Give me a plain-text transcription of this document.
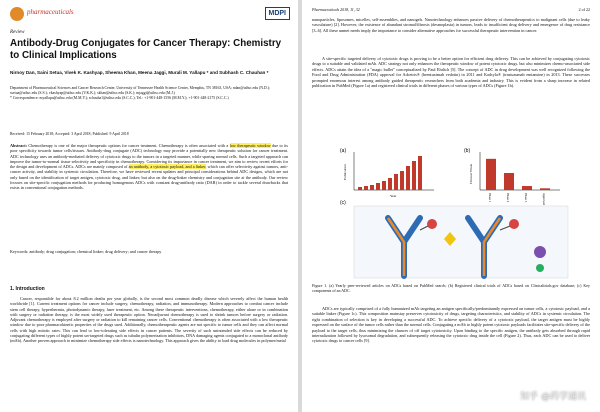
pharmaceuticals	MDPI
Review
Antibody-Drug Conjugates for Cancer Therapy: Chemistry to Clinical Implications
Nirnoy Dan, Saini Setua, Vivek K. Kashyap, Sheema Khan, Meena Jaggi, Murali M. Yallapu * and Subhash C. Chauhan *
Department of Pharmaceutical Sciences and Cancer Research Center, University of Tennessee Health Science Center, Memphis, TN 38163, USA; ndan@uthsc.edu (N.D.); ssetua@uthsc.edu (S.S.); vkashyap@uthsc.edu (V.K.K.); skhan@uthsc.edu (S.K.); mjaggi@uthsc.edu (M.J.)
* Correspondence: myallapu@uthsc.edu (M.M.Y.); schauha1@uthsc.edu (S.C.C.); Tel.: +1-901-448-1556 (M.M.Y.); +1-901-448-2175 (S.C.C.)
Received: 15 February 2018; Accepted: 3 April 2018; Published: 9 April 2018
Abstract: Chemotherapy is one of the major therapeutic options for cancer treatment. Chemotherapy is often associated with a low therapeutic window due to its poor specificity towards tumor cells/tissues. Antibody-drug conjugate (ADC) technology may provide a potentially new therapeutic solution for cancer treatment. ADC technology uses an antibody-mediated delivery of cytotoxic drugs to the tumors in a targeted manner, while sparing normal cells. Such a targeted approach can improve the tumor-to-normal tissue selectivity and specificity in chemotherapy. Considering its importance in cancer treatment, we aim to review recent efforts for the design and development of ADCs. ADCs are mainly composed of an antibody, a cytotoxic payload, and a linker, which can offer selectivity against tumors, anti-cancer activity, and stability in systemic circulation. Therefore, we have reviewed recent updates and principal considerations behind ADC designs, which are not only based on the identification of target antigen, cytotoxic drug, and linker; but also on the drug-linker chemistry and conjugation site at the antibody. Our review focuses on site-specific conjugation methods for producing homogenous ADCs with constant drug-antibody ratio (DAR) in order to tackle several drawbacks that exists in conventional conjugation methods.
Keywords: antibody; drug conjugation; chemical linker; drug delivery; and cancer therapy
1. Introduction
Cancer, responsible for about 8.2 million deaths per year globally, is the second most common deadly disease which severely affect the human health worldwide [1]. Current treatment options for cancer include surgery, chemotherapy, radiation, and immunotherapy. Modern approaches to combat cancer include stem cell therapy, hyperthermia, photodynamic therapy, laser treatment, etc. Among these therapeutic interventions, chemotherapy, either alone or in combination with surgery or radiation therapy, is the most widely used therapeutic option. Neoadjuvant chemotherapy is used to shrink tumors before surgery or radiation. Adjuvant chemotherapy is employed after surgery or radiation to kill remaining cancer cells. Conventional chemotherapy is often associated with a low therapeutic window due to poor pharmacokinetic properties of the drugs used. Additionally, chemotherapeutic agents are not specific to tumor cells and they can affect normal cells with high mitotic rates. This can lead to low-tolerating side effects in cancer patients. The severity of such unintended side effects can be reduced by conjugating different types of highly potent un-targeted drugs such as tubulin polymerization inhibitors, DNA damaging agents conjugated to a monoclonal antibody (mAb). Another proven approach to minimize chemotherapy side effects is nanotechnology. This approach gives the ability to load drug molecules in polymer/metal
Pharmaceuticals 2018, 11, 32	2 of 22
nanoparticles, liposomes, micelles, self-assemblies, and nanogels. Nanotechnology enhances passive delivery of chemotherapeutics to malignant cells (due to leaky vasculature) [2]. However, the existence of abundant stromal/fibrosis (desmoplasia) in tumors, leads to insufficient drug delivery and emergence of drug resistance [3–6]. All these unmet needs imply the importance to consider alternative approaches for successful therapeutic intervention in cancer.
A site-specific targeted delivery of cytotoxic drugs is proving to be a better option for efficient drug delivery. This can be achieved by conjugating cytotoxic drugs to a suitable and validated mAb. ADC strategy not only enhances the therapeutic window of potent cytotoxic drugs, but also minimizes chemo-associated side effects. ADCs attain the idea of a "magic bullet" conceptualized by Paul Ehrlich [5]. The concept of ADC in drug development was well recognized following the Food and Drug Administration (FDA) approval for Adcetris® (brentuximab vedotin) in 2011 and Kadcyla® (trastuzumab emtansine) in 2013. These successes prompted enormous interest among antibody guided therapeutic researchers from both academia and industry. This is evident from a sharp increase in related publication in PubMed (Figure 1a) and registered clinical trials in different phases of various types of ADCs (Figure 1b).
(a)	(b)
(c)
Publication
Year
Clinical Trials
Phase 1	Phase 2	Phase 3	Approved
Figure 1. (a) Yearly peer-reviewed articles on ADCs based on PubMed search; (b) Registered clinical trials of ADCs based on Clinicaltrials.gov database; (c) Key components of an ADC.
ADCs are typically comprised of a fully humanized mAb targeting an antigen specifically/predominantly expressed on tumor cells, a cytotoxic payload, and a suitable linker (Figure 1c). This composition mainstay preserves cytotoxicity of drugs, targeting characteristics, and stability of ADCs in systemic circulation. The right combination of selection is key in developing a successful ADC. To achieve specific delivery of a cytotoxic payload, the target antigen must be highly expressed on the surface of the tumor cells rather than the normal cells. Conjugating a mAb to highly potent cytotoxic payloads facilitates site-specific delivery of the payload to the target cells, thus minimizing the chances of off target cytotoxicity. Upon binding to the specific antigen, the antibody gets absorbed through rapid internalization followed by lysosomal degradation, and subsequently releasing the cytotoxic drug inside the cell (Figure 2). Thus, each ADC can be used to deliver cytotoxic drugs to cancer cells [9].
知乎 @药学通讯
